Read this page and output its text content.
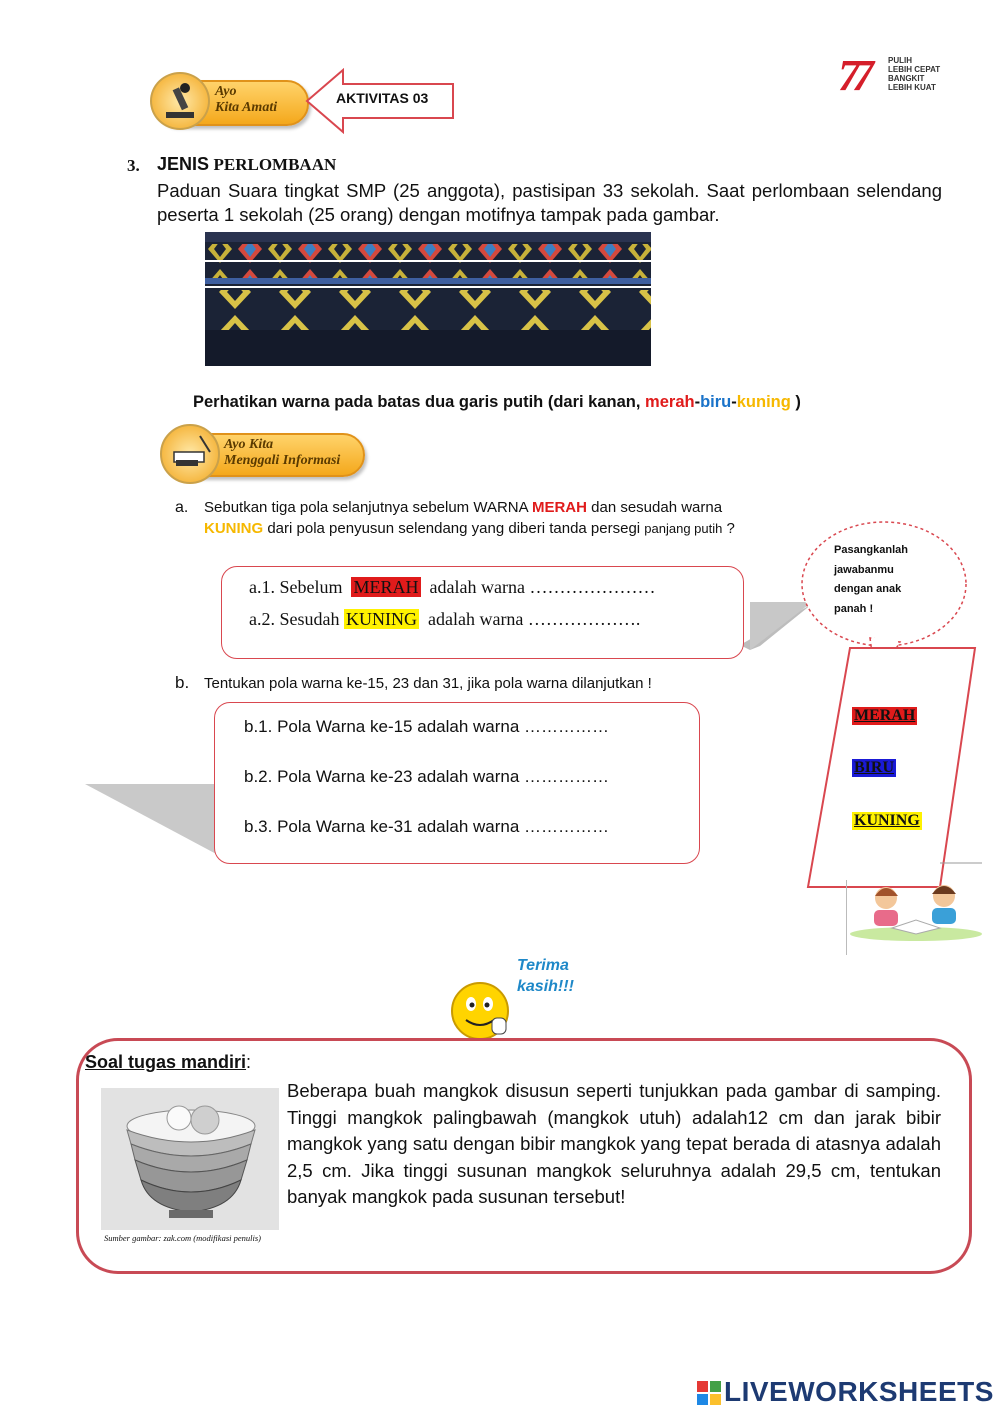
Ayo
Kita Amati
AKTIVITAS 03	77	PULIH
LEBIH CEPAT
BANGKIT
LEBIH KUAT
3. JENIS PERLOMBAAN
Paduan Suara tingkat SMP (25 anggota), pastisipan 33 sekolah. Saat perlombaan selendang peserta 1 sekolah (25 orang) dengan motifnya tampak pada gambar.
Perhatikan warna pada batas dua garis putih (dari kanan, merah-biru-kuning )
Ayo Kita
Menggali Informasi
a. Sebutkan tiga pola selanjutnya sebelum WARNA MERAH dan sesudah warna
KUNING dari pola penyusun selendang yang diberi tanda persegi panjang putih ?
a.1. Sebelum MERAH adalah warna …………………
a.2. Sesudah KUNING adalah warna ……………….
Pasangkanlah
jawabanmu
dengan anak
panah !
MERAH
BIRU
KUNING
b. Tentukan pola warna ke-15, 23 dan 31, jika pola warna dilanjutkan !
b.1. Pola Warna ke-15 adalah warna ……………
b.2. Pola Warna ke-23 adalah warna ……………
b.3. Pola Warna ke-31 adalah warna ……………
Terima
kasih!!!
Soal tugas mandiri:
Sumber gambar: zak.com (modifikasi penulis)
Beberapa buah mangkok disusun seperti tunjukkan pada gambar di samping. Tinggi mangkok palingbawah (mangkok utuh) adalah12 cm dan jarak bibir mangkok yang satu dengan bibir mangkok yang tepat berada di atasnya adalah 2,5 cm. Jika tinggi susunan mangkok seluruhnya adalah 29,5 cm, tentukan banyak mangkok pada susunan tersebut!
LIVEWORKSHEETS
